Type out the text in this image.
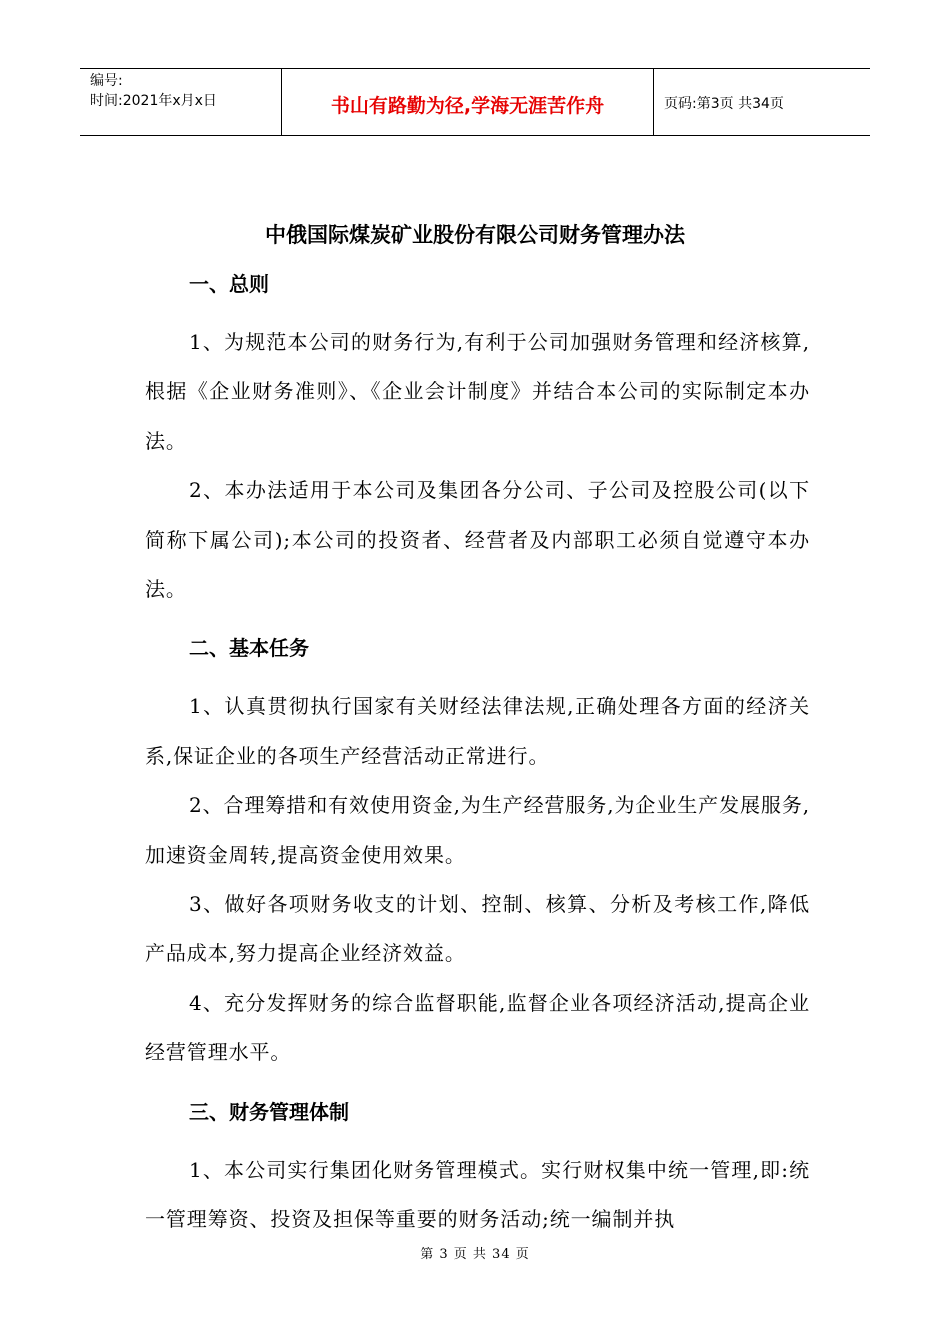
编号:
时间:2021年x月x日	书山有路勤为径,学海无涯苦作舟	页码:第3页 共34页
中俄国际煤炭矿业股份有限公司财务管理办法
一、总则

1、为规范本公司的财务行为,有利于公司加强财务管理和经济核算,根据《企业财务准则》、《企业会计制度》并结合本公司的实际制定本办法。

2、本办法适用于本公司及集团各分公司、子公司及控股公司(以下简称下属公司);本公司的投资者、经营者及内部职工必须自觉遵守本办法。

二、基本任务

1、认真贯彻执行国家有关财经法律法规,正确处理各方面的经济关系,保证企业的各项生产经营活动正常进行。

2、合理筹措和有效使用资金,为生产经营服务,为企业生产发展服务,加速资金周转,提高资金使用效果。

3、做好各项财务收支的计划、控制、核算、分析及考核工作,降低产品成本,努力提高企业经济效益。

4、充分发挥财务的综合监督职能,监督企业各项经济活动,提高企业经营管理水平。

三、财务管理体制

1、本公司实行集团化财务管理模式。实行财权集中统一管理,即:统一管理筹资、投资及担保等重要的财务活动;统一编制并执

第 3 页 共 34 页
